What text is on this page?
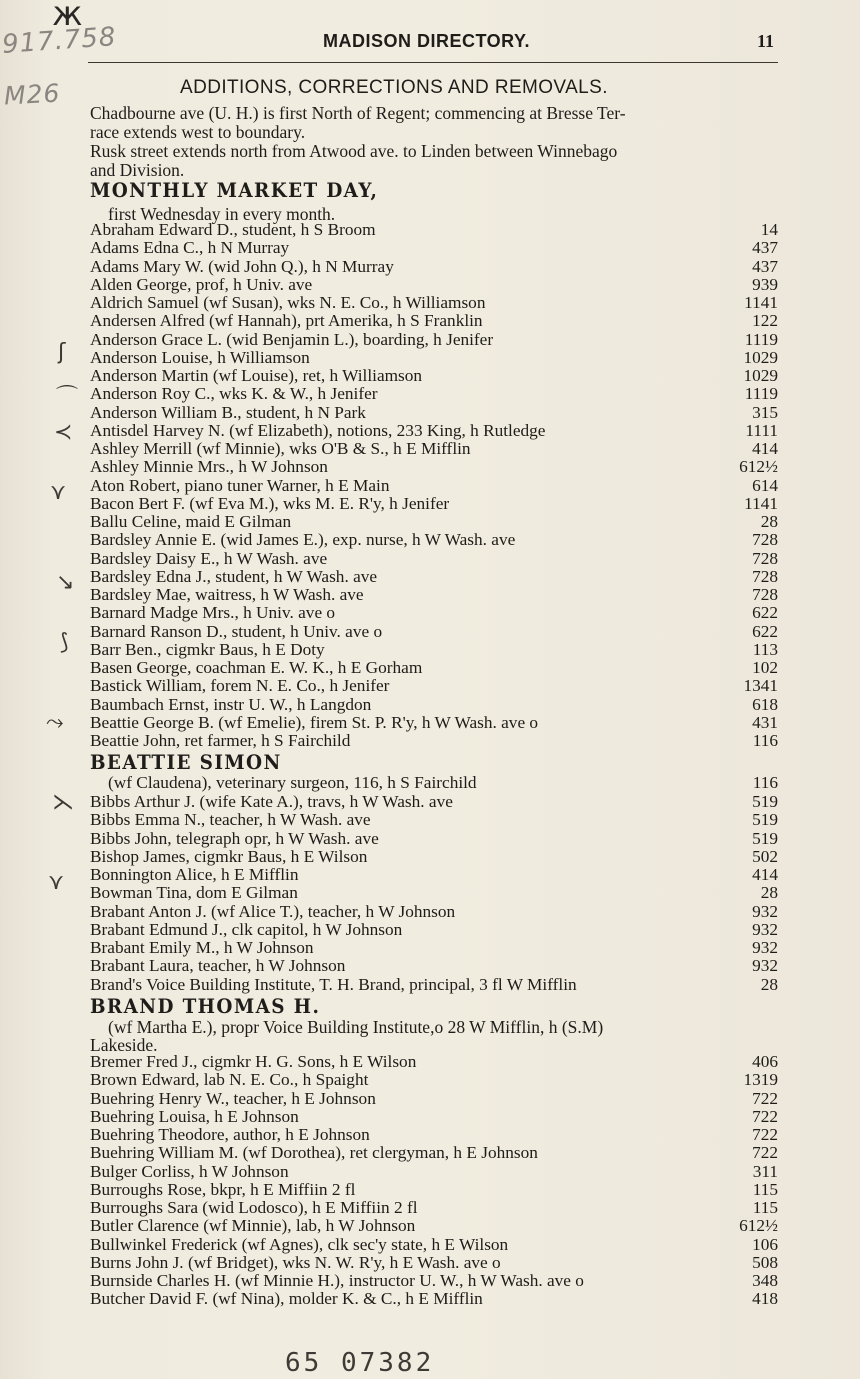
ж
917.758
M26
MADISON DIRECTORY.	11
ADDITIONS, CORRECTIONS AND REMOVALS.
Chadbourne ave (U. H.) is first North of Regent; commencing at Bresse Ter-
race extends west to boundary.
Rusk street extends north from Atwood ave. to Linden between Winnebago
and Division.
MONTHLY MARKET DAY,
first Wednesday in every month.
Abraham Edward D., student, h S Broom	14
Adams Edna C., h N Murray	437
Adams Mary W. (wid John Q.), h N Murray	437
Alden George, prof, h Univ. ave	939
Aldrich Samuel (wf Susan), wks N. E. Co., h Williamson	1141
Andersen Alfred (wf Hannah), prt Amerika, h S Franklin	122
Anderson Grace L. (wid Benjamin L.), boarding, h Jenifer	1119
Anderson Louise, h Williamson	1029
Anderson Martin (wf Louise), ret, h Williamson	1029
Anderson Roy C., wks K. & W., h Jenifer	1119
Anderson William B., student, h N Park	315
Antisdel Harvey N. (wf Elizabeth), notions, 233 King, h Rutledge	1111
Ashley Merrill (wf Minnie), wks O'B & S., h E Mifflin	414
Ashley Minnie Mrs., h W Johnson	612½
Aton Robert, piano tuner Warner, h E Main	614
Bacon Bert F. (wf Eva M.), wks M. E. R'y, h Jenifer	1141
Ballu Celine, maid E Gilman	28
Bardsley Annie E. (wid James E.), exp. nurse, h W Wash. ave	728
Bardsley Daisy E., h W Wash. ave	728
Bardsley Edna J., student, h W Wash. ave	728
Bardsley Mae, waitress, h W Wash. ave	728
Barnard Madge Mrs., h Univ. ave o	622
Barnard Ranson D., student, h Univ. ave o	622
Barr Ben., cigmkr Baus, h E Doty	113
Basen George, coachman E. W. K., h E Gorham	102
Bastick William, forem N. E. Co., h Jenifer	1341
Baumbach Ernst, instr U. W., h Langdon	618
Beattie George B. (wf Emelie), firem St. P. R'y, h W Wash. ave o	431
Beattie John, ret farmer, h S Fairchild	116
BEATTIE SIMON
(wf Claudena), veterinary surgeon, 116, h S Fairchild	116
Bibbs Arthur J. (wife Kate A.), travs, h W Wash. ave	519
Bibbs Emma N., teacher, h W Wash. ave	519
Bibbs John, telegraph opr, h W Wash. ave	519
Bishop James, cigmkr Baus, h E Wilson	502
Bonnington Alice, h E Mifflin	414
Bowman Tina, dom E Gilman	28
Brabant Anton J. (wf Alice T.), teacher, h W Johnson	932
Brabant Edmund J., clk capitol, h W Johnson	932
Brabant Emily M., h W Johnson	932
Brabant Laura, teacher, h W Johnson	932
Brand's Voice Building Institute, T. H. Brand, principal, 3 fl W Mifflin	28
BRAND THOMAS H.
(wf Martha E.), propr Voice Building Institute,o 28 W Mifflin, h (S.M)
Lakeside.
Bremer Fred J., cigmkr H. G. Sons, h E Wilson	406
Brown Edward, lab N. E. Co., h Spaight	1319
Buehring Henry W., teacher, h E Johnson	722
Buehring Louisa, h E Johnson	722
Buehring Theodore, author, h E Johnson	722
Buehring William M. (wf Dorothea), ret clergyman, h E Johnson	722
Bulger Corliss, h W Johnson	311
Burroughs Rose, bkpr, h E Miffiin 2 fl	115
Burroughs Sara (wid Lodosco), h E Miffiin 2 fl	115
Butler Clarence (wf Minnie), lab, h W Johnson	612½
Bullwinkel Frederick (wf Agnes), clk sec'y state, h E Wilson	106
Burns John J. (wf Bridget), wks N. W. R'y, h E Wash. ave o	508
Burnside Charles H. (wf Minnie H.), instructor U. W., h W Wash. ave o	348
Butcher David F. (wf Nina), molder K. & C., h E Mifflin	418
ʃ
⌒
≺
⋎
↘
⟆
⤳
⋋
⋎
65 07382
